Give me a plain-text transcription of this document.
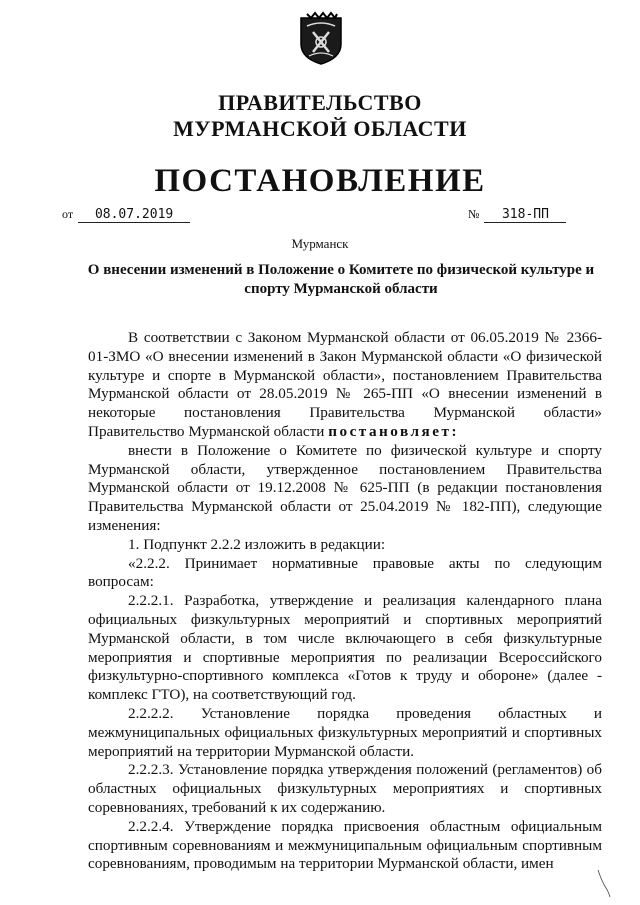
ПРАВИТЕЛЬСТВО
МУРМАНСКОЙ ОБЛАСТИ
ПОСТАНОВЛЕНИЕ
от 08.07.2019	№ 318-ПП
Мурманск
О внесении изменений в Положение о Комитете по физической культуре и спорту Мурманской области

В соответствии с Законом Мурманской области от 06.05.2019 № 2366-01-ЗМО «О внесении изменений в Закон Мурманской области «О физической культуре и спорте в Мурманской области», постановлением Правительства Мурманской области от 28.05.2019 № 265-ПП «О внесении изменений в некоторые постановления Правительства Мурманской области» Правительство Мурманской области постановляет:

внести в Положение о Комитете по физической культуре и спорту Мурманской области, утвержденное постановлением Правительства Мурманской области от 19.12.2008 № 625-ПП (в редакции постановления Правительства Мурманской области от 25.04.2019 № 182-ПП), следующие изменения:

1. Подпункт 2.2.2 изложить в редакции:

«2.2.2. Принимает нормативные правовые акты по следующим вопросам:

2.2.2.1. Разработка, утверждение и реализация календарного плана официальных физкультурных мероприятий и спортивных мероприятий Мурманской области, в том числе включающего в себя физкультурные мероприятия и спортивные мероприятия по реализации Всероссийского физкультурно-спортивного комплекса «Готов к труду и обороне» (далее - комплекс ГТО), на соответствующий год.

2.2.2.2. Установление порядка проведения областных и межмуниципальных официальных физкультурных мероприятий и спортивных мероприятий на территории Мурманской области.

2.2.2.3. Установление порядка утверждения положений (регламентов) об областных официальных физкультурных мероприятиях и спортивных соревнованиях, требований к их содержанию.

2.2.2.4. Утверждение порядка присвоения областным официальным спортивным соревнованиям и межмуниципальным официальным спортивным соревнованиям, проводимым на территории Мурманской области, имен
